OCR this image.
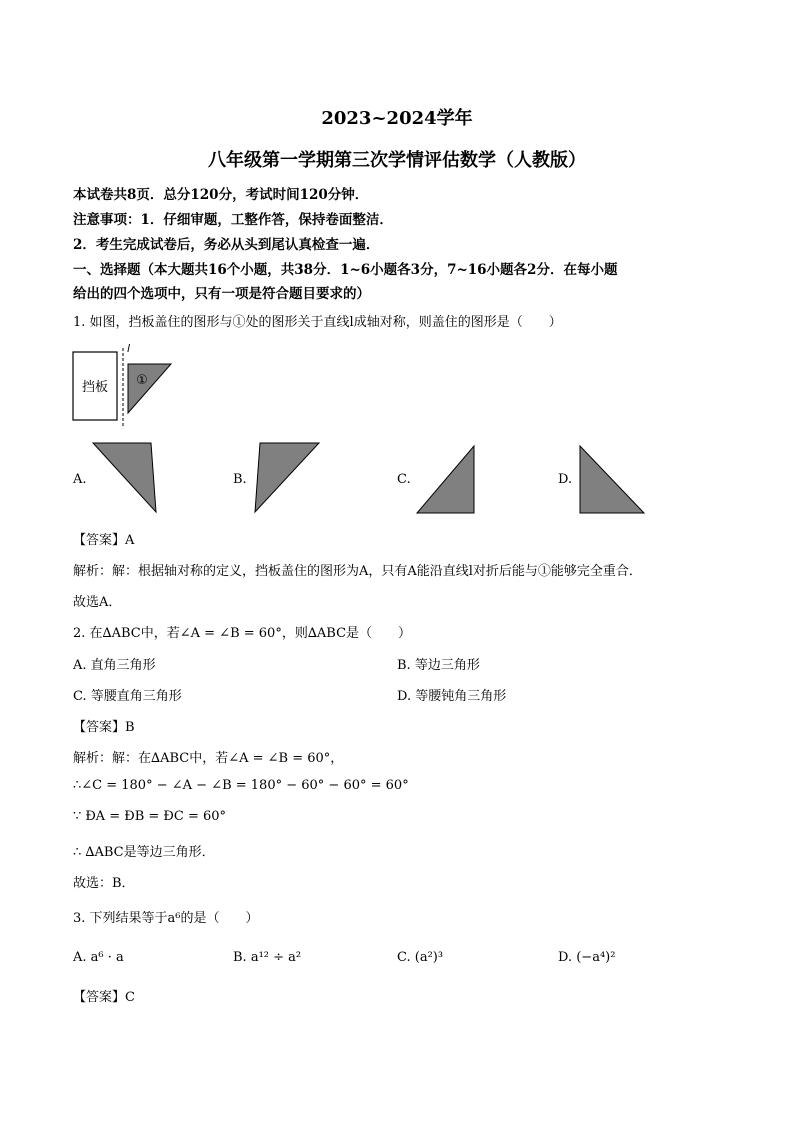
2023~2024学年
八年级第一学期第三次学情评估数学（人教版）
本试卷共8页．总分120分，考试时间120分钟．
注意事项：1．仔细审题，工整作答，保持卷面整洁．
2．考生完成试卷后，务必从头到尾认真检查一遍．
一、选择题（本大题共16个小题，共38分．1~6小题各3分，7~16小题各2分．在每小题
给出的四个选项中，只有一项是符合题目要求的）
1. 如图，挡板盖住的图形与①处的图形关于直线l成轴对称，则盖住的图形是（　　）
挡板
l
①
A.	B.	C.	D.
【答案】A
解析：解：根据轴对称的定义，挡板盖住的图形为A，只有A能沿直线l对折后能与①能够完全重合．
故选A．
2. 在∆ABC中，若∠A = ∠B = 60°，则∆ABC是（　　）
A. 直角三角形	B. 等边三角形
C. 等腰直角三角形	D. 等腰钝角三角形
【答案】B
解析：解：在∆ABC中，若∠A = ∠B = 60°，
∴∠C = 180° − ∠A − ∠B = 180° − 60° − 60° = 60°
∵ ÐA = ÐB = ÐC = 60°
∴ ∆ABC是等边三角形．
故选：B．
3. 下列结果等于a⁶的是（　　）
A. a⁶ · a	B. a¹² ÷ a²	C. (a²)³	D. (−a⁴)²
【答案】C
